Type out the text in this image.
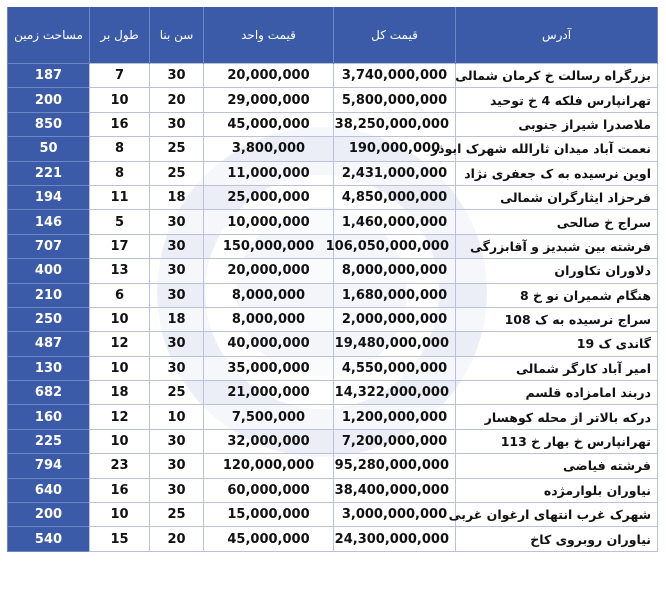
آدرس	قیمت کل	قیمت واحد	سن بنا	طول بر	مساحت زمین
بزرگراه رسالت خ کرمان شمالی	3,740,000,000	20,000,000	30	7	187
تهرانپارس فلکه 4 خ توحید	5,800,000,000	29,000,000	20	10	200
ملاصدرا شیراز جنوبی	38,250,000,000	45,000,000	30	16	850
نعمت آباد میدان ثارالله شهرک ابوذر	190,000,000	3,800,000	25	8	50
اوین نرسیده به ک جعفری نژاد	2,431,000,000	11,000,000	25	8	221
فرحزاد ایثارگران شمالی	4,850,000,000	25,000,000	18	11	194
سراج خ صالحی	1,460,000,000	10,000,000	30	5	146
فرشته بین شبدیز و آقابزرگی	106,050,000,000	150,000,000	30	17	707
دلاوران تکاوران	8,000,000,000	20,000,000	30	13	400
هنگام شمیران نو خ 8	1,680,000,000	8,000,000	30	6	210
سراج نرسیده به ک 108	2,000,000,000	8,000,000	18	10	250
گاندی ک 19	19,480,000,000	40,000,000	30	12	487
امیر آباد کارگر شمالی	4,550,000,000	35,000,000	30	10	130
دربند امامزاده قلسم	14,322,000,000	21,000,000	25	18	682
درکه بالاتر از محله کوهسار	1,200,000,000	7,500,000	10	12	160
تهرانپارس خ بهار خ 113	7,200,000,000	32,000,000	30	10	225
فرشته فیاضی	95,280,000,000	120,000,000	30	23	794
نیاوران بلوارمژده	38,400,000,000	60,000,000	30	16	640
شهرک غرب انتهای ارغوان غربی	3,000,000,000	15,000,000	25	10	200
نیاوران روبروی کاخ	24,300,000,000	45,000,000	20	15	540
